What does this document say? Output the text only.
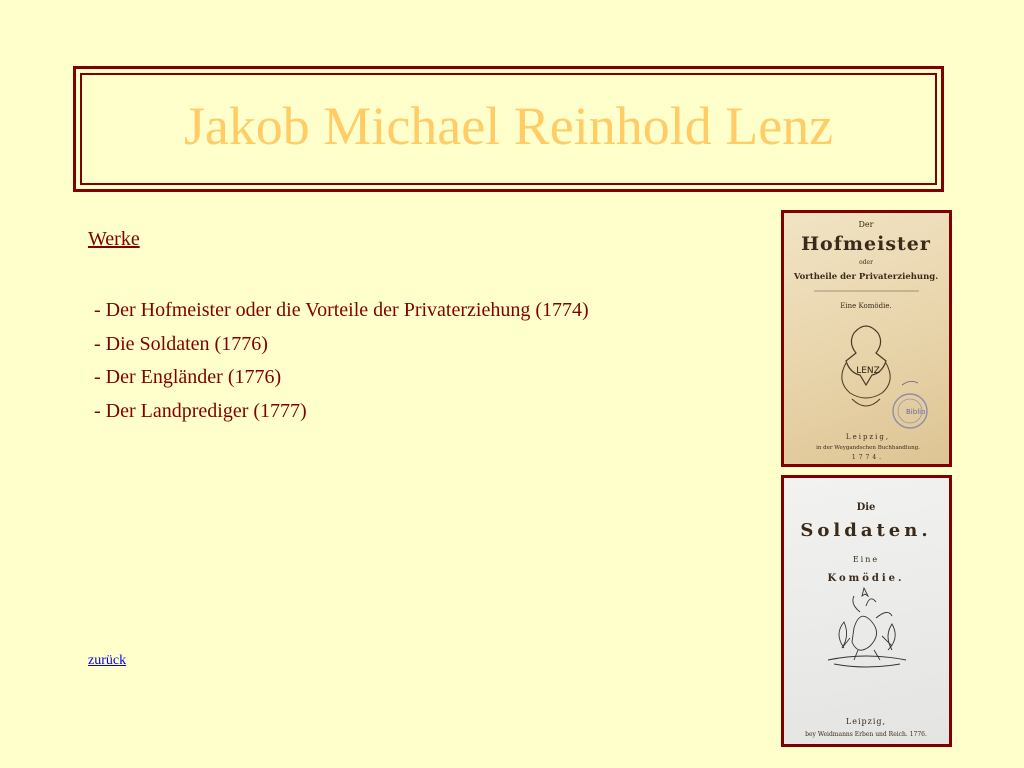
Jakob Michael Reinhold Lenz
Werke
- Der Hofmeister oder die Vorteile der Privaterziehung (1774)
- Die Soldaten (1776)
- Der Engländer (1776)
- Der Landprediger (1777)
zurück
Der
Hofmeister
oder
Vortheile der Privaterziehung.
Eine Komödie.
LENZ
Biblio
Leipzig,
in der Weygandschen Buchhandlung.
1774.
Die
Soldaten.
Eine
Komödie.
Leipzig,
bey Weidmanns Erben und Reich. 1776.
